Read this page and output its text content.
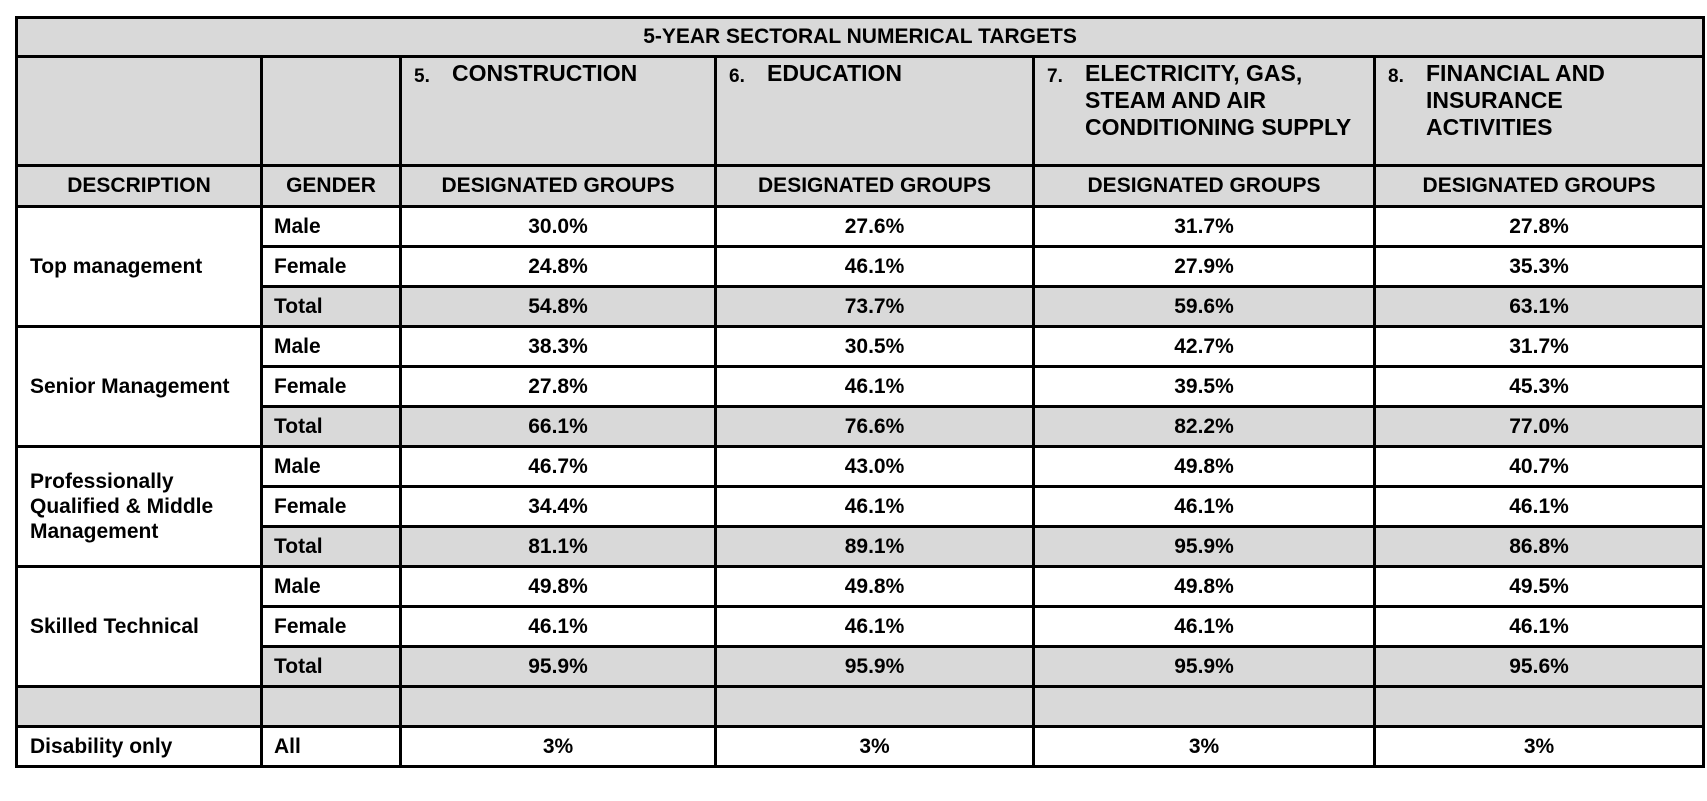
5-YEAR SECTORAL NUMERICAL TARGETS					

		5. CONSTRUCTION	6. EDUCATION	7. ELECTRICITY, GAS, STEAM AND AIR CONDITIONING SUPPLY	8. FINANCIAL AND INSURANCE ACTIVITIES

DESCRIPTION	GENDER	DESIGNATED GROUPS	DESIGNATED GROUPS	DESIGNATED GROUPS	DESIGNATED GROUPS
Top management	Male	30.0%	27.6%	31.7%	27.8%
	Female	24.8%	46.1%	27.9%	35.3%
	Total	54.8%	73.7%	59.6%	63.1%
Senior Management	Male	38.3%	30.5%	42.7%	31.7%
	Female	27.8%	46.1%	39.5%	45.3%
	Total	66.1%	76.6%	82.2%	77.0%
Professionally Qualified & Middle Management	Male	46.7%	43.0%	49.8%	40.7%
	Female	34.4%	46.1%	46.1%	46.1%
	Total	81.1%	89.1%	95.9%	86.8%
Skilled Technical	Male	49.8%	49.8%	49.8%	49.5%
	Female	46.1%	46.1%	46.1%	46.1%
	Total	95.9%	95.9%	95.9%	95.6%

Disability only	All	3%	3%	3%	3%
